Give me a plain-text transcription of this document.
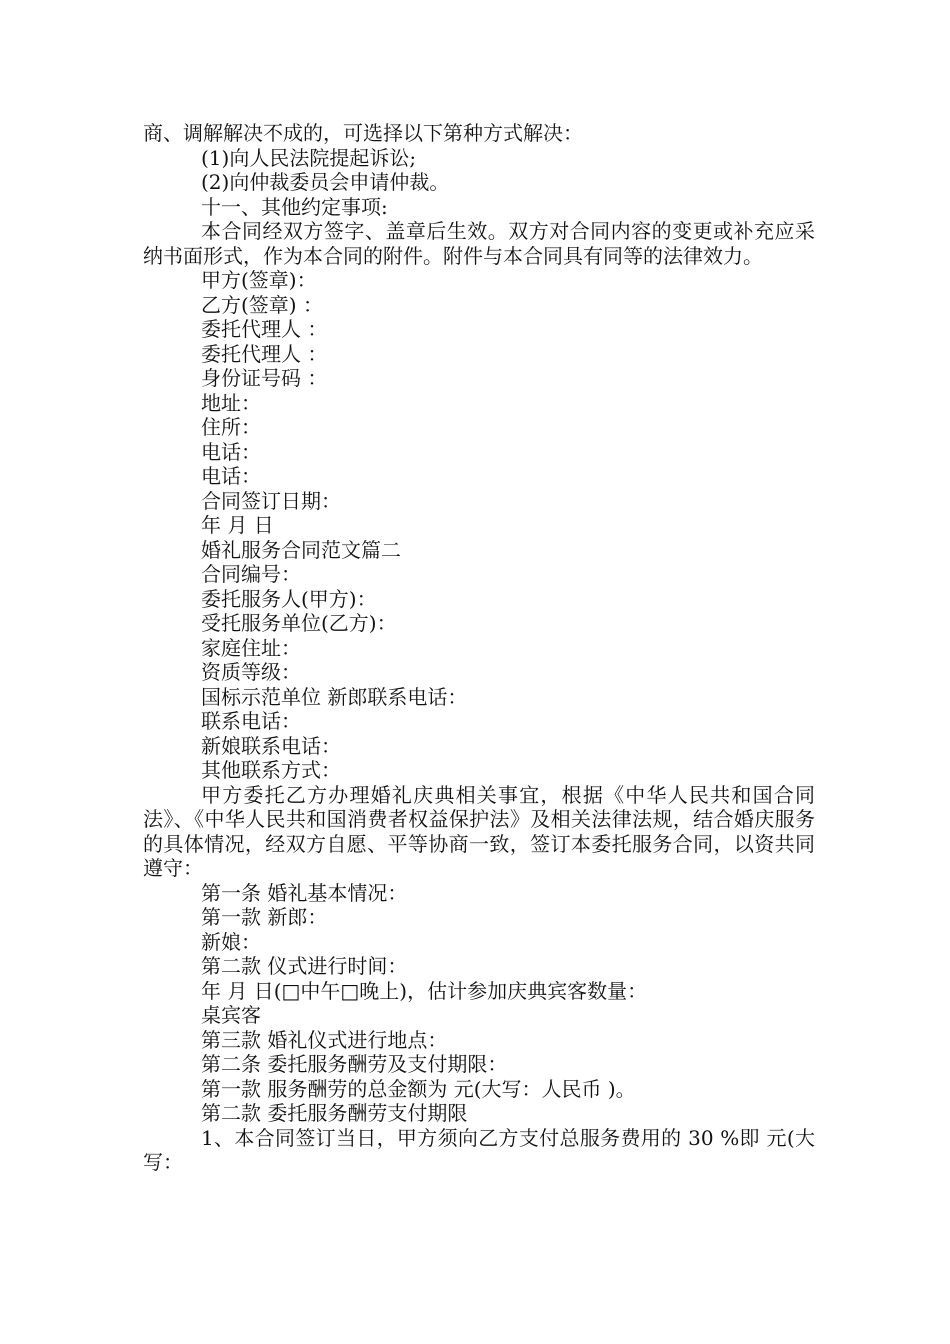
商、调解解决不成的，可选择以下第种方式解决：
(1)向人民法院提起诉讼;
(2)向仲裁委员会申请仲裁。
十一、其他约定事项:
本合同经双方签字、盖章后生效。双方对合同内容的变更或补充应采纳书面形式，作为本合同的附件。附件与本合同具有同等的法律效力。
甲方(签章)：
乙方(签章) ：
委托代理人 ：
委托代理人 ：
身份证号码 ：
地址：
住所：
电话：
电话：
合同签订日期：
年 月 日
婚礼服务合同范文篇二
合同编号：
委托服务人(甲方)：
受托服务单位(乙方)：
家庭住址：
资质等级：
国标示范单位 新郎联系电话：
联系电话：
新娘联系电话：
其他联系方式：
甲方委托乙方办理婚礼庆典相关事宜，根据《中华人民共和国合同法》、《中华人民共和国消费者权益保护法》及相关法律法规，结合婚庆服务的具体情况，经双方自愿、平等协商一致，签订本委托服务合同，以资共同遵守：
第一条 婚礼基本情况：
第一款 新郎：
新娘：
第二款 仪式进行时间：
年 月 日(□中午□晚上)，估计参加庆典宾客数量：
桌宾客
第三款 婚礼仪式进行地点：
第二条 委托服务酬劳及支付期限：
第一款 服务酬劳的总金额为 元(大写：人民币 )。
第二款 委托服务酬劳支付期限
1、本合同签订当日，甲方须向乙方支付总服务费用的 30 %即 元(大写：
